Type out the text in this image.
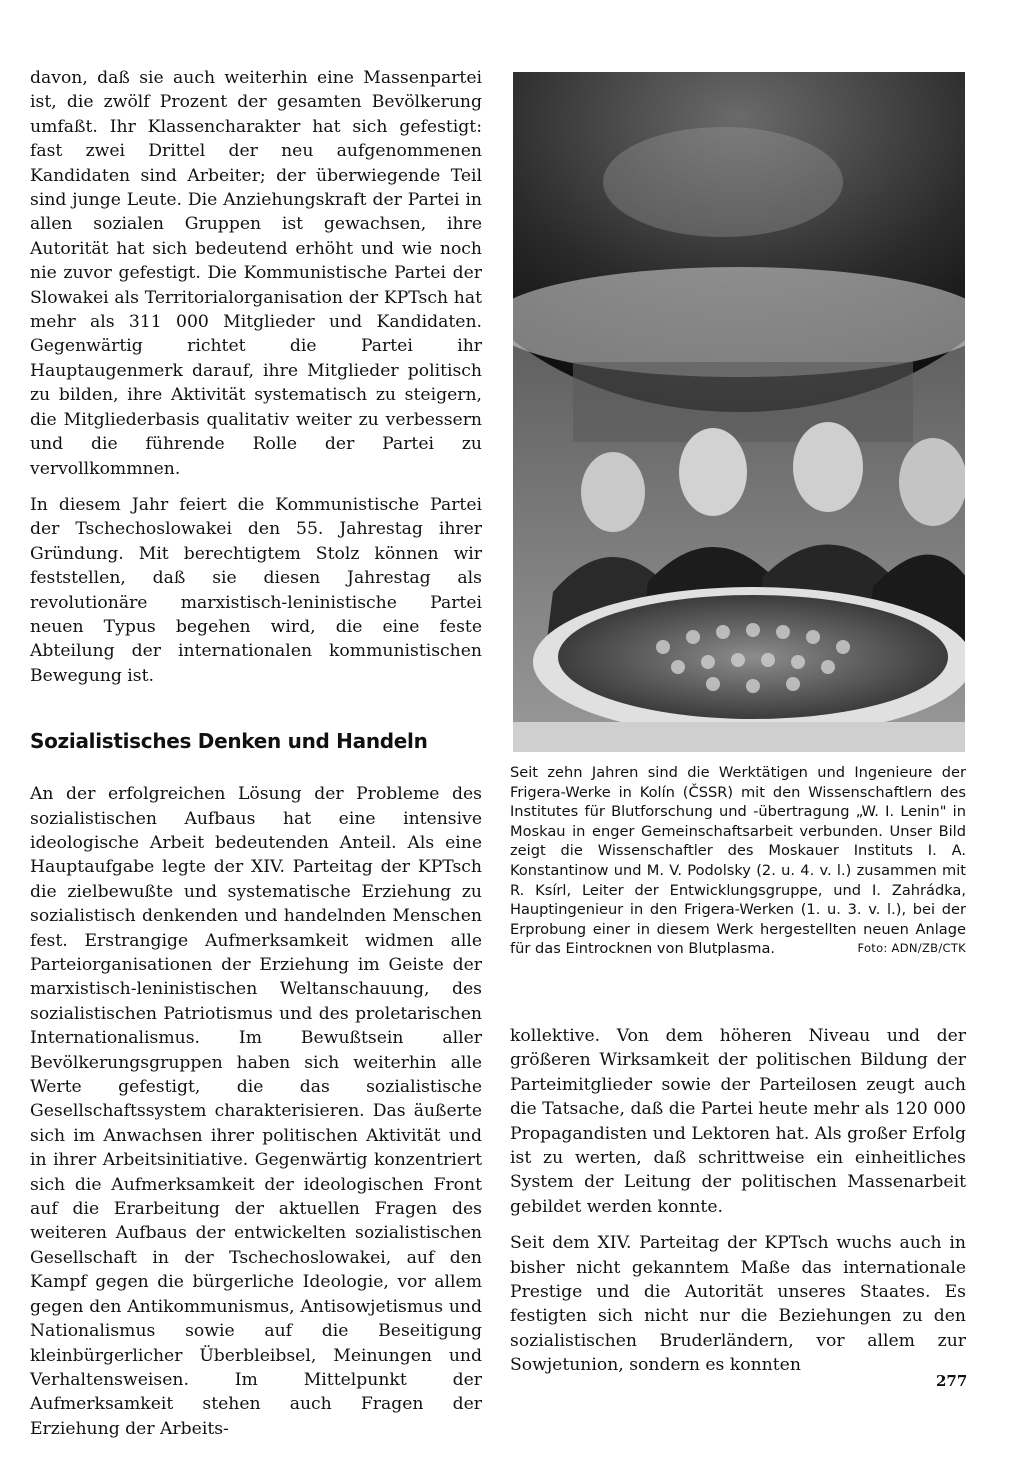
davon, daß sie auch weiterhin eine Massenpartei ist, die zwölf Prozent der gesamten Bevölkerung umfaßt. Ihr Klassencharakter hat sich gefestigt: fast zwei Drittel der neu aufgenommenen Kandidaten sind Arbeiter; der überwiegende Teil sind junge Leute. Die Anziehungskraft der Partei in allen sozialen Gruppen ist gewachsen, ihre Autorität hat sich bedeutend erhöht und wie noch nie zuvor gefestigt. Die Kommunistische Partei der Slowakei als Territorialorganisation der KPTsch hat mehr als 311 000 Mitglieder und Kandidaten. Gegenwärtig richtet die Partei ihr Hauptaugenmerk darauf, ihre Mitglieder politisch zu bilden, ihre Aktivität systematisch zu steigern, die Mitgliederbasis qualitativ weiter zu verbessern und die führende Rolle der Partei zu vervollkommnen.

In diesem Jahr feiert die Kommunistische Partei der Tschechoslowakei den 55. Jahrestag ihrer Gründung. Mit berechtigtem Stolz können wir feststellen, daß sie diesen Jahrestag als revolutionäre marxistisch-leninistische Partei neuen Typus begehen wird, die eine feste Abteilung der internationalen kommunistischen Bewegung ist.

Sozialistisches Denken und Handeln

An der erfolgreichen Lösung der Probleme des sozialistischen Aufbaus hat eine intensive ideologische Arbeit bedeutenden Anteil. Als eine Hauptaufgabe legte der XIV. Parteitag der KPTsch die zielbewußte und systematische Erziehung zu sozialistisch denkenden und handelnden Menschen fest. Erstrangige Aufmerksamkeit widmen alle Parteiorganisationen der Erziehung im Geiste der marxistisch-leninistischen Weltanschauung, des sozialistischen Patriotismus und des proletarischen Internationalismus. Im Bewußtsein aller Bevölkerungsgruppen haben sich weiterhin alle Werte gefestigt, die das sozialistische Gesellschaftssystem charakterisieren. Das äußerte sich im Anwachsen ihrer politischen Aktivität und in ihrer Arbeitsinitiative. Gegenwärtig konzentriert sich die Aufmerksamkeit der ideologischen Front auf die Erarbeitung der aktuellen Fragen des weiteren Aufbaus der entwickelten sozialistischen Gesellschaft in der Tschechoslowakei, auf den Kampf gegen die bürgerliche Ideologie, vor allem gegen den Antikommunismus, Antisowjetismus und Nationalismus sowie auf die Beseitigung kleinbürgerlicher Überbleibsel, Meinungen und Verhaltensweisen. Im Mittelpunkt der Aufmerksamkeit stehen auch Fragen der Erziehung der Arbeits-

Seit zehn Jahren sind die Werktätigen und Ingenieure der Frigera-Werke in Kolín (ČSSR) mit den Wissenschaftlern des Institutes für Blutforschung und -übertragung „W. I. Lenin" in Moskau in enger Gemeinschaftsarbeit verbunden. Unser Bild zeigt die Wissenschaftler des Moskauer Instituts I. A. Konstantinow und M. V. Podolsky (2. u. 4. v. l.) zusammen mit R. Ksírl, Leiter der Entwicklungsgruppe, und I. Zahrádka, Hauptingenieur in den Frigera-Werken (1. u. 3. v. l.), bei der Erprobung einer in diesem Werk hergestellten neuen Anlage für das Eintrocknen von Blutplasma.	Foto: ADN/ZB/CTK

kollektive. Von dem höheren Niveau und der größeren Wirksamkeit der politischen Bildung der Parteimitglieder sowie der Parteilosen zeugt auch die Tatsache, daß die Partei heute mehr als 120 000 Propagandisten und Lektoren hat. Als großer Erfolg ist zu werten, daß schrittweise ein einheitliches System der Leitung der politischen Massenarbeit gebildet werden konnte.

Seit dem XIV. Parteitag der KPTsch wuchs auch in bisher nicht gekanntem Maße das internationale Prestige und die Autorität unseres Staates. Es festigten sich nicht nur die Beziehungen zu den sozialistischen Bruderländern, vor allem zur Sowjetunion, sondern es konnten

277
